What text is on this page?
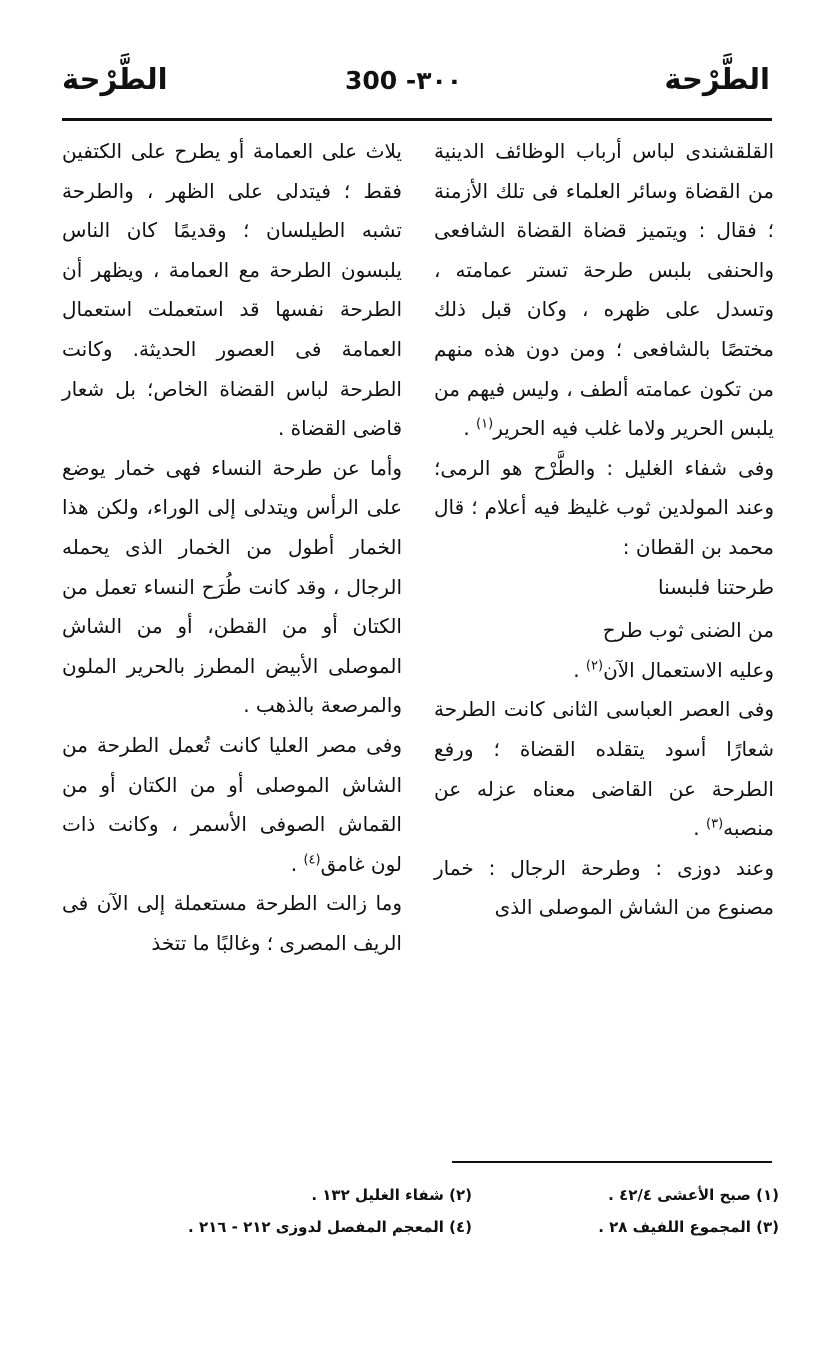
الطَّرْحة
300 -٣٠٠
الطَّرْحة

القلقشندى لباس أرباب الوظائف الدينية من القضاة وسائر العلماء فى تلك الأزمنة ؛ فقال : ويتميز قضاة القضاة الشافعى والحنفى بلبس طرحة تستر عمامته ، وتسدل على ظهره ، وكان قبل ذلك مختصًا بالشافعى ؛ ومن دون هذه منهم من تكون عمامته ألطف ، وليس فيهم من يلبس الحرير ولاما غلب فيه الحرير$^{(١)}$ .

وفى شفاء الغليل : والطَّرْح هو الرمى؛ وعند المولدين ثوب غليظ فيه أعلام ؛ قال محمد بن القطان :

طرحتنا فلبسنا

من الضنى ثوب طرح

وعليه الاستعمال الآن$^{(٢)}$ .

وفى العصر العباسى الثانى كانت الطرحة شعارًا أسود يتقلده القضاة ؛ ورفع الطرحة عن القاضى معناه عزله عن منصبه$^{(٣)}$ .

وعند دوزى : وطرحة الرجال : خمار مصنوع من الشاش الموصلى الذى

يلاث على العمامة أو يطرح على الكتفين فقط ؛ فيتدلى على الظهر ، والطرحة تشبه الطيلسان ؛ وقديمًا كان الناس يلبسون الطرحة مع العمامة ، ويظهر أن الطرحة نفسها قد استعملت استعمال العمامة فى العصور الحديثة. وكانت الطرحة لباس القضاة الخاص؛ بل شعار قاضى القضاة .

وأما عن طرحة النساء فهى خمار يوضع على الرأس ويتدلى إلى الوراء، ولكن هذا الخمار أطول من الخمار الذى يحمله الرجال ، وقد كانت طُرَح النساء تعمل من الكتان أو من القطن، أو من الشاش الموصلى الأبيض المطرز بالحرير الملون والمرصعة بالذهب .

وفى مصر العليا كانت تُعمل الطرحة من الشاش الموصلى أو من الكتان أو من القماش الصوفى الأسمر ، وكانت ذات لون غامق$^{(٤)}$ .

وما زالت الطرحة مستعملة إلى الآن فى الريف المصرى ؛ وغالبًا ما تتخذ

(١) صبح الأعشى ٤٢/٤ .
(٢) شفاء الغليل ١٣٢ .
(٣) المجموع اللفيف ٢٨ .
(٤) المعجم المفصل لدوزى ٢١٢ - ٢١٦ .
